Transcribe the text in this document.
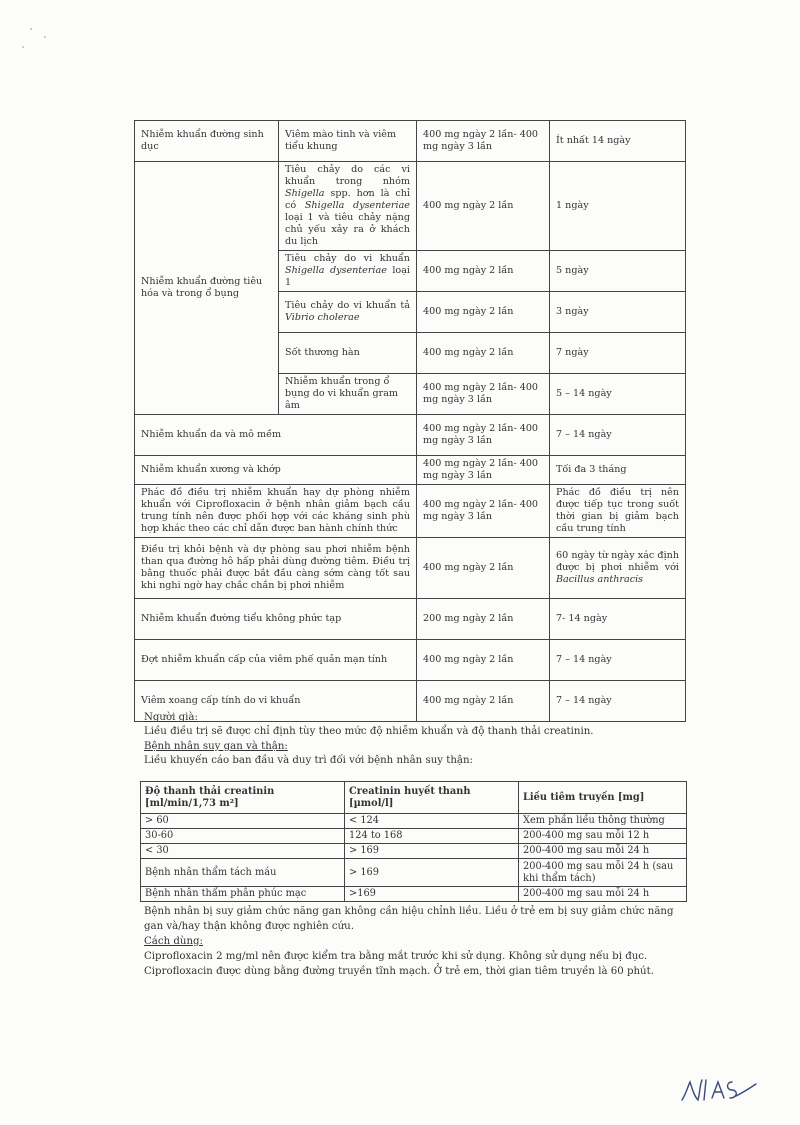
Nhiễm khuẩn đường sinh dục	Viêm mào tinh và viêm tiểu khung	400 mg ngày 2 lần- 400 mg ngày 3 lần	Ít nhất 14 ngày
Nhiễm khuẩn đường tiêu hóa và trong ổ bụng	Tiêu chảy do các vi khuẩn trong nhóm Shigella spp. hơn là chỉ có Shigella dysenteriae loại 1 và tiêu chảy nặng chủ yếu xảy ra ở khách du lịch	400 mg ngày 2 lần	1 ngày
	Tiêu chảy do vi khuẩn Shigella dysenteriae loại 1	400 mg ngày 2 lần	5 ngày
	Tiêu chảy do vi khuẩn tả Vibrio cholerae	400 mg ngày 2 lần	3 ngày
	Sốt thương hàn	400 mg ngày 2 lần	7 ngày
	Nhiễm khuẩn trong ổ bụng do vi khuẩn gram âm	400 mg ngày 2 lần- 400 mg ngày 3 lần	5 – 14 ngày
Nhiễm khuẩn da và mô mềm		400 mg ngày 2 lần- 400 mg ngày 3 lần	7 – 14 ngày
Nhiễm khuẩn xương và khớp		400 mg ngày 2 lần- 400 mg ngày 3 lần	Tối đa 3 tháng
Phác đồ điều trị nhiễm khuẩn hay dự phòng nhiễm khuẩn với Ciprofloxacin ở bệnh nhân giảm bạch cầu trung tính nên được phối hợp với các kháng sinh phù hợp khác theo các chỉ dẫn được ban hành chính thức		400 mg ngày 2 lần- 400 mg ngày 3 lần	Phác đồ điều trị nên được tiếp tục trong suốt thời gian bị giảm bạch cầu trung tính
Điều trị khỏi bệnh và dự phòng sau phơi nhiễm bệnh than qua đường hô hấp phải dùng đường tiêm. Điều trị bằng thuốc phải được bắt đầu càng sớm càng tốt sau khi nghi ngờ hay chắc chắn bị phơi nhiễm		400 mg ngày 2 lần	60 ngày từ ngày xác định được bị phơi nhiễm với Bacillus anthracis
Nhiễm khuẩn đường tiểu không phức tạp		200 mg ngày 2 lần	7- 14 ngày
Đợt nhiễm khuẩn cấp của viêm phế quản mạn tính		400 mg ngày 2 lần	7 – 14 ngày
Viêm xoang cấp tính do vi khuẩn		400 mg ngày 2 lần	7 – 14 ngày
Người già:
Liều điều trị sẽ được chỉ định tùy theo mức độ nhiễm khuẩn và độ thanh thải creatinin.
Bệnh nhân suy gan và thận:
Liều khuyến cáo ban đầu và duy trì đối với bệnh nhân suy thận:
Độ thanh thải creatinin [ml/min/1,73 m²]	Creatinin huyết thanh [µmol/l]	Liều tiêm truyền [mg]
> 60	< 124	Xem phần liều thông thường
30-60	124 to 168	200-400 mg sau mỗi 12 h
< 30	> 169	200-400 mg sau mỗi 24 h
Bệnh nhân thẩm tách máu	> 169	200-400 mg sau mỗi 24 h (sau khi thẩm tách)
Bệnh nhân thẩm phân phúc mạc	>169	200-400 mg sau mỗi 24 h
Bệnh nhân bị suy giảm chức năng gan không cần hiệu chỉnh liều. Liều ở trẻ em bị suy giảm chức năng gan và/hay thận không được nghiên cứu.
Cách dùng:
Ciprofloxacin 2 mg/ml nên được kiểm tra bằng mắt trước khi sử dụng. Không sử dụng nếu bị đục.
Ciprofloxacin được dùng bằng đường truyền tĩnh mạch. Ở trẻ em, thời gian tiêm truyền là 60 phút.
